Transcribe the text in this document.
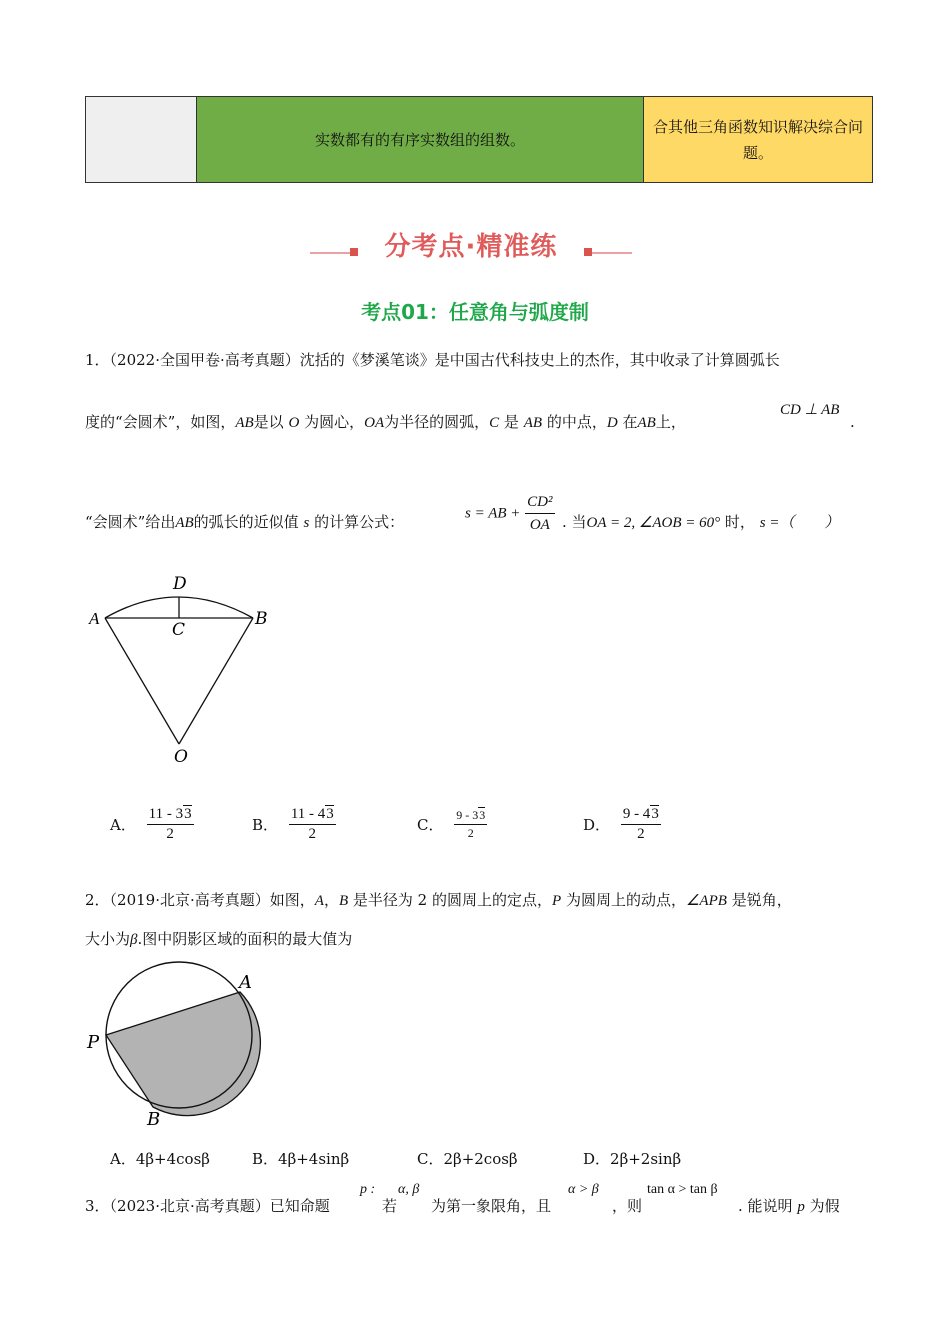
实数都有的有序实数组的组数。
合其他三角函数知识解决综合问题。
分考点·精准练
考点01：任意角与弧度制
1．（2022·全国甲卷·高考真题）沈括的《梦溪笔谈》是中国古代科技史上的杰作，其中收录了计算圆弧长
度的“会圆术”，如图，AB是以 O 为圆心，OA为半径的圆弧，C 是 AB 的中点，D 在AB上，
CD ⊥ AB
.
“会圆术”给出AB的弧长的近似值 s 的计算公式：	s = AB + $\frac{\text{CD²}}{OA}$ . 当OA = 2, ∠AOB = 60° 时， s =（　　）
A	B
D
C
O
A． $\frac{11 - 33}{2}$	B． $\frac{11 - 43}{2}$	C． $\frac{9 - 33}{2}$	D． $\frac{9 - 43}{2}$
2．（2019·北京·高考真题）如图，A，B 是半径为 2 的圆周上的定点，P 为圆周上的动点，∠APB 是锐角，
大小为β.图中阴影区域的面积的最大值为
A
P
B
A．4β+4cosβ	B．4β+4sinβ	C．2β+2cosβ	D．2β+2sinβ
3．（2023·北京·高考真题）已知命题
p :
若
α, β
为第一象限角，且
α > β
，则
tan α > tan β
. 能说明 p 为假
